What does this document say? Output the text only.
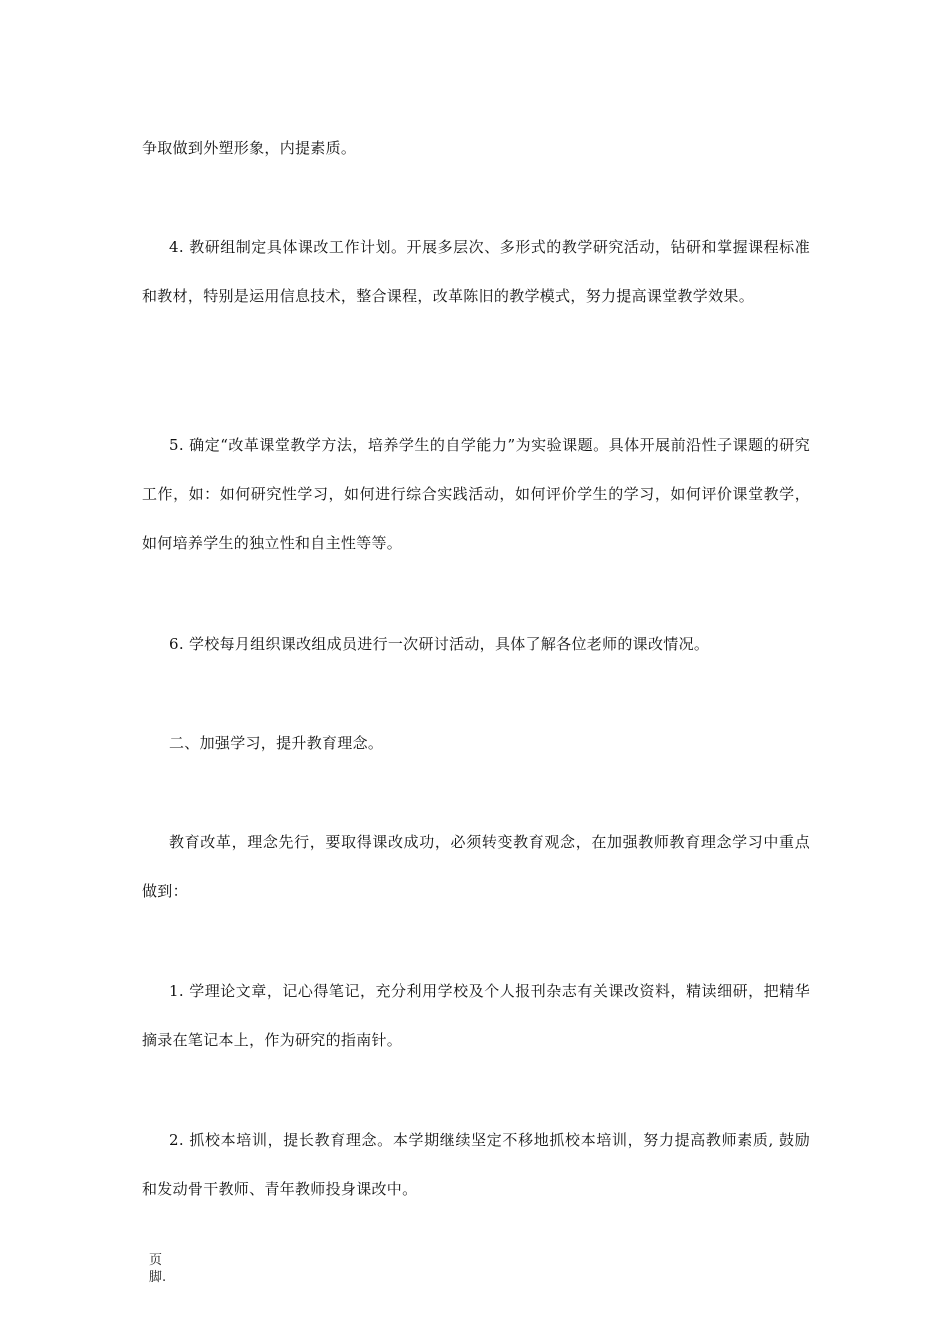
争取做到外塑形象，内提素质。

4. 教研组制定具体课改工作计划。开展多层次、多形式的教学研究活动，钻研和掌握课程标准和教材，特别是运用信息技术，整合课程，改革陈旧的教学模式，努力提高课堂教学效果。

5. 确定“改革课堂教学方法，培养学生的自学能力”为实验课题。具体开展前沿性子课题的研究工作，如：如何研究性学习，如何进行综合实践活动，如何评价学生的学习，如何评价课堂教学，如何培养学生的独立性和自主性等等。

6. 学校每月组织课改组成员进行一次研讨活动，具体了解各位老师的课改情况。

二、加强学习，提升教育理念。

教育改革，理念先行，要取得课改成功，必须转变教育观念，在加强教师教育理念学习中重点做到：

1. 学理论文章，记心得笔记，充分利用学校及个人报刊杂志有关课改资料，精读细研，把精华摘录在笔记本上，作为研究的指南针。

2. 抓校本培训，提长教育理念。本学期继续坚定不移地抓校本培训，努力提高教师素质, 鼓励和发动骨干教师、青年教师投身课改中。

页脚.
